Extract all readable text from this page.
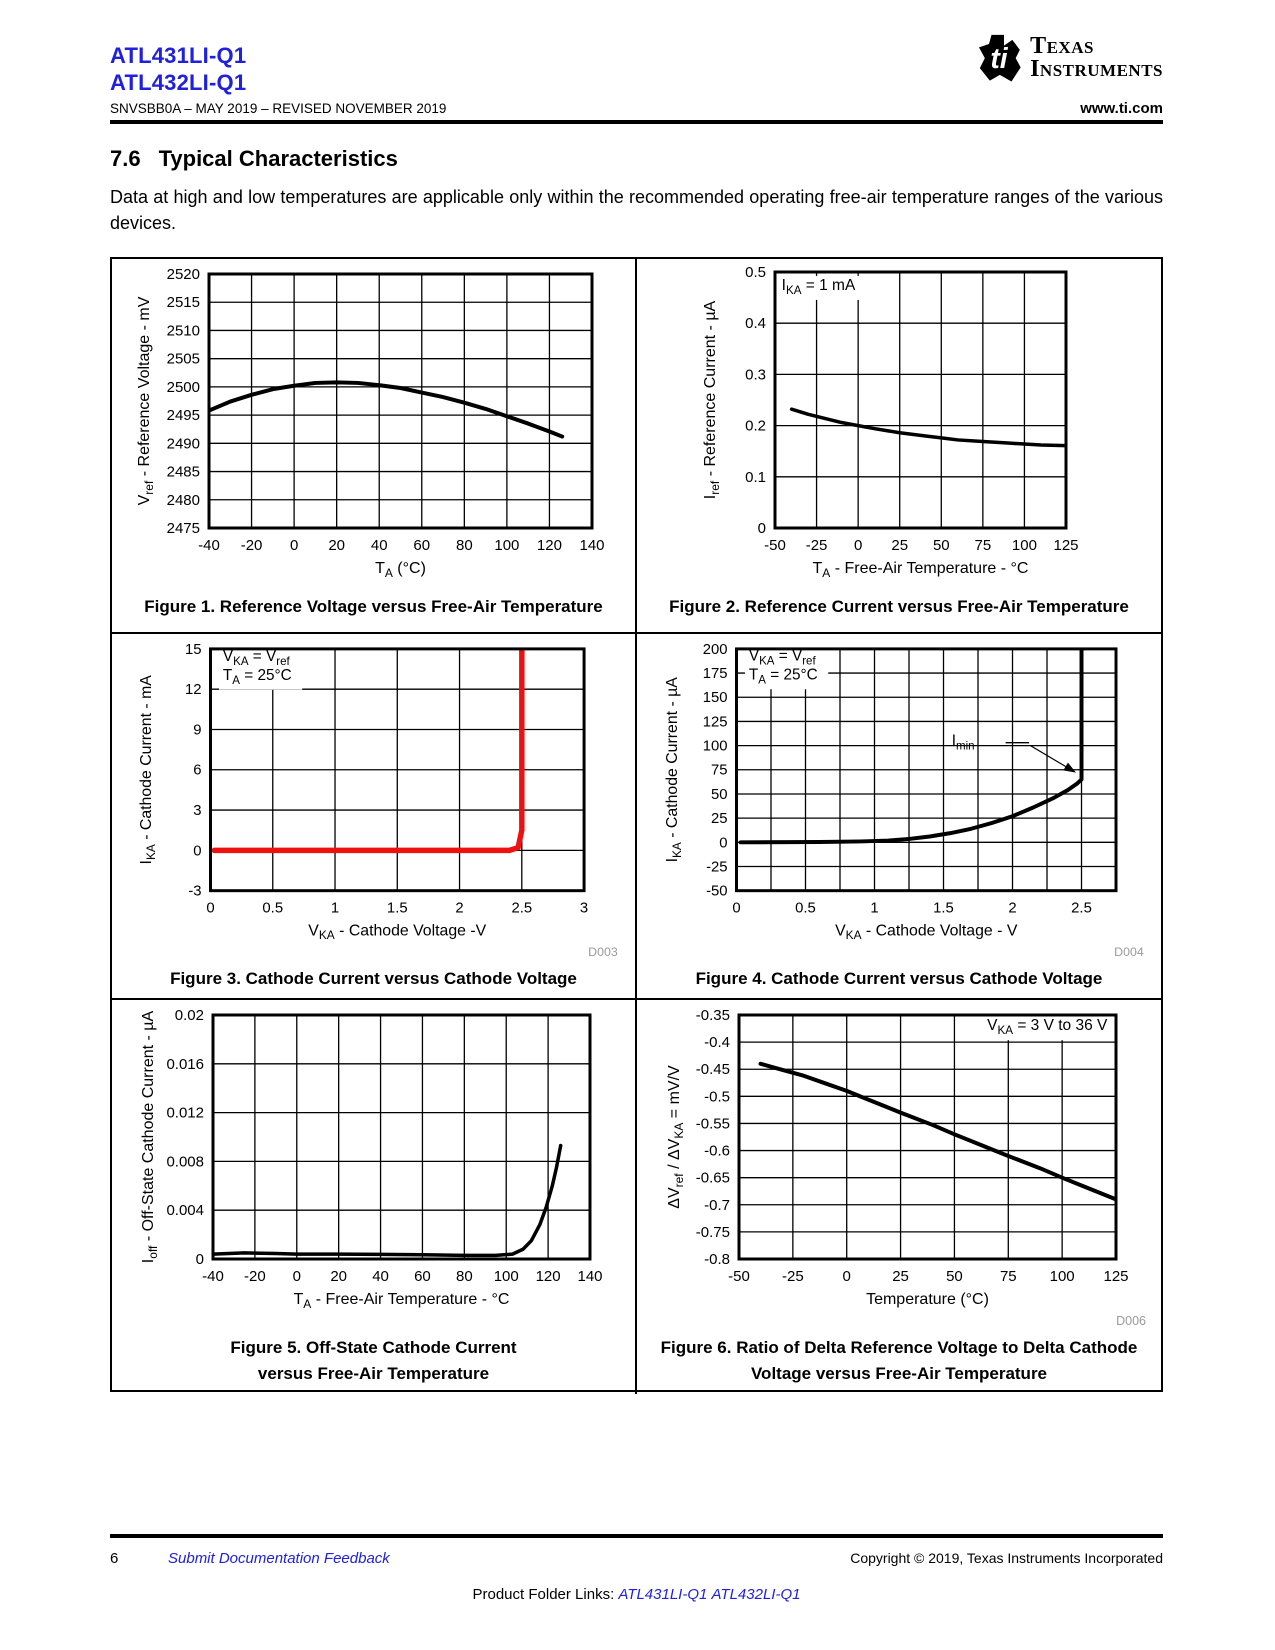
ATL431LI-Q1
ATL432LI-Q1
SNVSBB0A – MAY 2019 – REVISED NOVEMBER 2019
ti Texas
Instruments
www.ti.com
7.6 Typical Characteristics

Data at high and low temperatures are applicable only within the recommended operating free-air temperature ranges of the various devices.

-40 -20 0 20 40 60 80 100 120 140
2475
2480
2485
2490
2495
2500
2505
2510
2515
2520
$T_A$ (°C)
$V_{ref}$ - Reference Voltage - mV
Figure 1. Reference Voltage versus Free-Air Temperature
$I_{KA} = 1$ mA
-50 -25 0 25 50 75 100 125
0
0.1
0.2
0.3
0.4
0.5
$T_A$ - Free-Air Temperature - °C
$I_{ref}$ - Reference Current - µA
Figure 2. Reference Current versus Free-Air Temperature
$V_{KA} = V_{ref}$
$T_A = 25^\circ C$
0	0.5	1	1.5	2	2.5	3
-3
0
3
6
9
12
15
$V_{KA}$ - Cathode Voltage -V
$I_{KA}$ - Cathode Current - mA
D003
Figure 3. Cathode Current versus Cathode Voltage
$V_{KA} = V_{ref}$
$T_A = 25^\circ C$
$I_{min}$
0	0.5	1	1.5	2	2.5
-50
-25
0
25
50
75
100
125
150
175
200
$V_{KA}$ - Cathode Voltage - V
$I_{KA}$ - Cathode Current - µA
D004
Figure 4. Cathode Current versus Cathode Voltage
-40 -20 0 20 40 60 80 100 120 140
0
0.004
0.008
0.012
0.016
0.02
$T_A$ - Free-Air Temperature - °C
$I_{off}$ - Off-State Cathode Current - µA
Figure 5. Off-State Cathode Current
versus Free-Air Temperature
$V_{KA} = 3$ V to 36 V
-50 -25	0	25 50 75 100 125
-0.8
-0.75
-0.7
-0.65
-0.6
-0.55
-0.5
-0.45
-0.4
-0.35
Temperature (°C)
$\Delta V_{ref} / \Delta V_{KA} = mV/V$
D006
Figure 6. Ratio of Delta Reference Voltage to Delta Cathode
Voltage versus Free-Air Temperature
6	Submit Documentation Feedback	Copyright © 2019, Texas Instruments Incorporated
Product Folder Links: ATL431LI-Q1 ATL432LI-Q1
